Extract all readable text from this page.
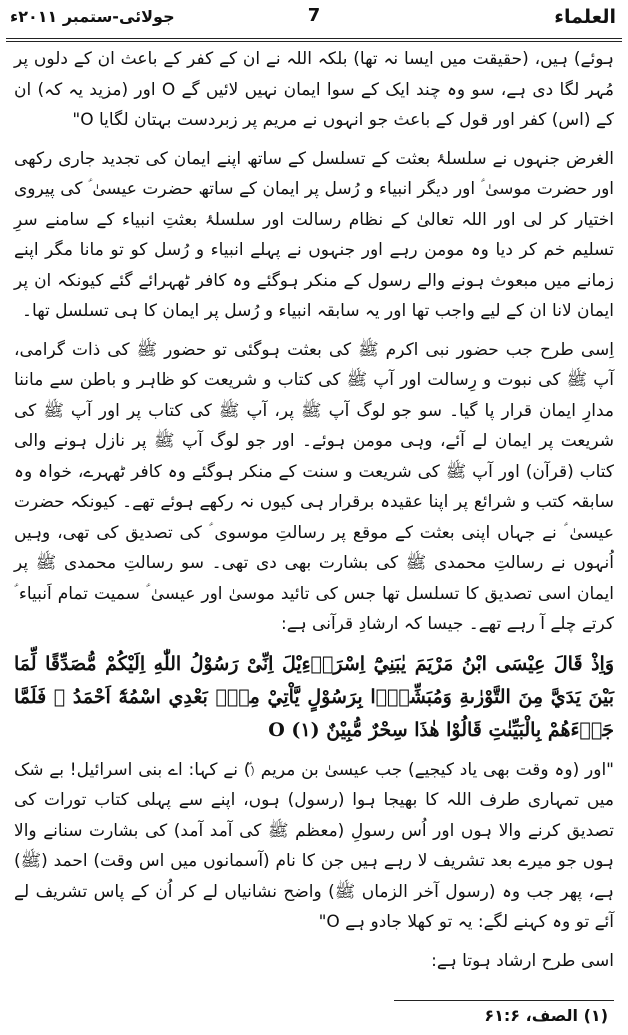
العلماء
7
جولائی-ستمبر ۲۰۱۱ء

ہوئے) ہیں، (حقیقت میں ایسا نہ تھا) بلکہ اللہ نے ان کے کفر کے باعث ان کے دلوں پر مُہر لگا دی ہے، سو وہ چند ایک کے سوا ایمان نہیں لائیں گے O اور (مزید یہ کہ) ان کے (اس) کفر اور قول کے باعث جو انہوں نے مریم پر زبردست بہتان لگایا O"

الغرض جنہوں نے سلسلۂ بعثت کے تسلسل کے ساتھ اپنے ایمان کی تجدید جاری رکھی اور حضرت موسیٰ ؑ اور دیگر انبیاء و رُسل پر ایمان کے ساتھ حضرت عیسیٰ ؑ کی پیروی اختیار کر لی اور اللہ تعالیٰ کے نظام رسالت اور سلسلۂ بعثتِ انبیاء کے سامنے سرِ تسلیم خم کر دیا وہ مومن رہے اور جنہوں نے پہلے انبیاء و رُسل کو تو مانا مگر اپنے زمانے میں مبعوث ہونے والے رسول کے منکر ہوگئے وہ کافر ٹھہرائے گئے کیونکہ ان پر ایمان لانا ان کے لیے واجب تھا اور یہ سابقہ انبیاء و رُسل پر ایمان کا ہی تسلسل تھا۔

اِسی طرح جب حضور نبی اکرم ﷺ کی بعثت ہوگئی تو حضور ﷺ کی ذات گرامی، آپ ﷺ کی نبوت و رِسالت اور آپ ﷺ کی کتاب و شریعت کو ظاہر و باطن سے ماننا مدارِ ایمان قرار پا گیا۔ سو جو لوگ آپ ﷺ پر، آپ ﷺ کی کتاب پر اور آپ ﷺ کی شریعت پر ایمان لے آئے، وہی مومن ہوئے۔ اور جو لوگ آپ ﷺ پر نازل ہونے والی کتاب (قرآن) اور آپ ﷺ کی شریعت و سنت کے منکر ہوگئے وہ کافر ٹھہرے، خواہ وہ سابقہ کتب و شرائع پر اپنا عقیدہ برقرار ہی کیوں نہ رکھے ہوئے تھے۔ کیونکہ حضرت عیسیٰ ؑ نے جہاں اپنی بعثت کے موقع پر رسالتِ موسوی ؑ کی تصدیق کی تھی، وہیں اُنہوں نے رسالتِ محمدی ﷺ کی بشارت بھی دی تھی۔ سو رسالتِ محمدی ﷺ پر ایمان اسی تصدیق کا تسلسل تھا جس کی تائید موسیٰ اور عیسیٰ ؑ سمیت تمام اَنبیاء ؑ کرتے چلے آ رہے تھے۔ جیسا کہ ارشادِ قرآنی ہے:

وَاِذْ قَالَ عِيْسَى ابْنُ مَرْيَمَ يٰبَنِيْٓ اِسْرَاۗءِيْلَ اِنِّىْ رَسُوْلُ اللّٰهِ اِلَيْكُمْ مُّصَدِّقًا لِّمَا بَيْنَ يَدَيَّ مِنَ التَّوْرٰىةِ وَمُبَشِّرًۢا بِرَسُوْلٍ يَّاْتِيْ مِنْۢ بَعْدِي اسْمُهٗٓ اَحْمَدُ ۭ فَلَمَّا جَاۗءَهُمْ بِالْبَيِّنٰتِ قَالُوْا هٰذَا سِحْرٌ مُّبِيْنٌ O (۱)

"اور (وہ وقت بھی یاد کیجیے) جب عیسیٰ بن مریم (ؑ) نے کہا: اے بنی اسرائیل! بے شک میں تمہاری طرف اللہ کا بھیجا ہوا (رسول) ہوں، اپنے سے پہلی کتاب تورات کی تصدیق کرنے والا ہوں اور اُس رسولِ (معظم ﷺ کی آمد آمد) کی بشارت سنانے والا ہوں جو میرے بعد تشریف لا رہے ہیں جن کا نام (آسمانوں میں اس وقت) احمد (ﷺ) ہے، پھر جب وہ (رسول آخر الزماں ﷺ) واضح نشانیاں لے کر اُن کے پاس تشریف لے آئے تو وہ کہنے لگے: یہ تو کھلا جادو ہے O"

اسی طرح ارشاد ہوتا ہے:

(۱) الصف، ۶۱:۶
